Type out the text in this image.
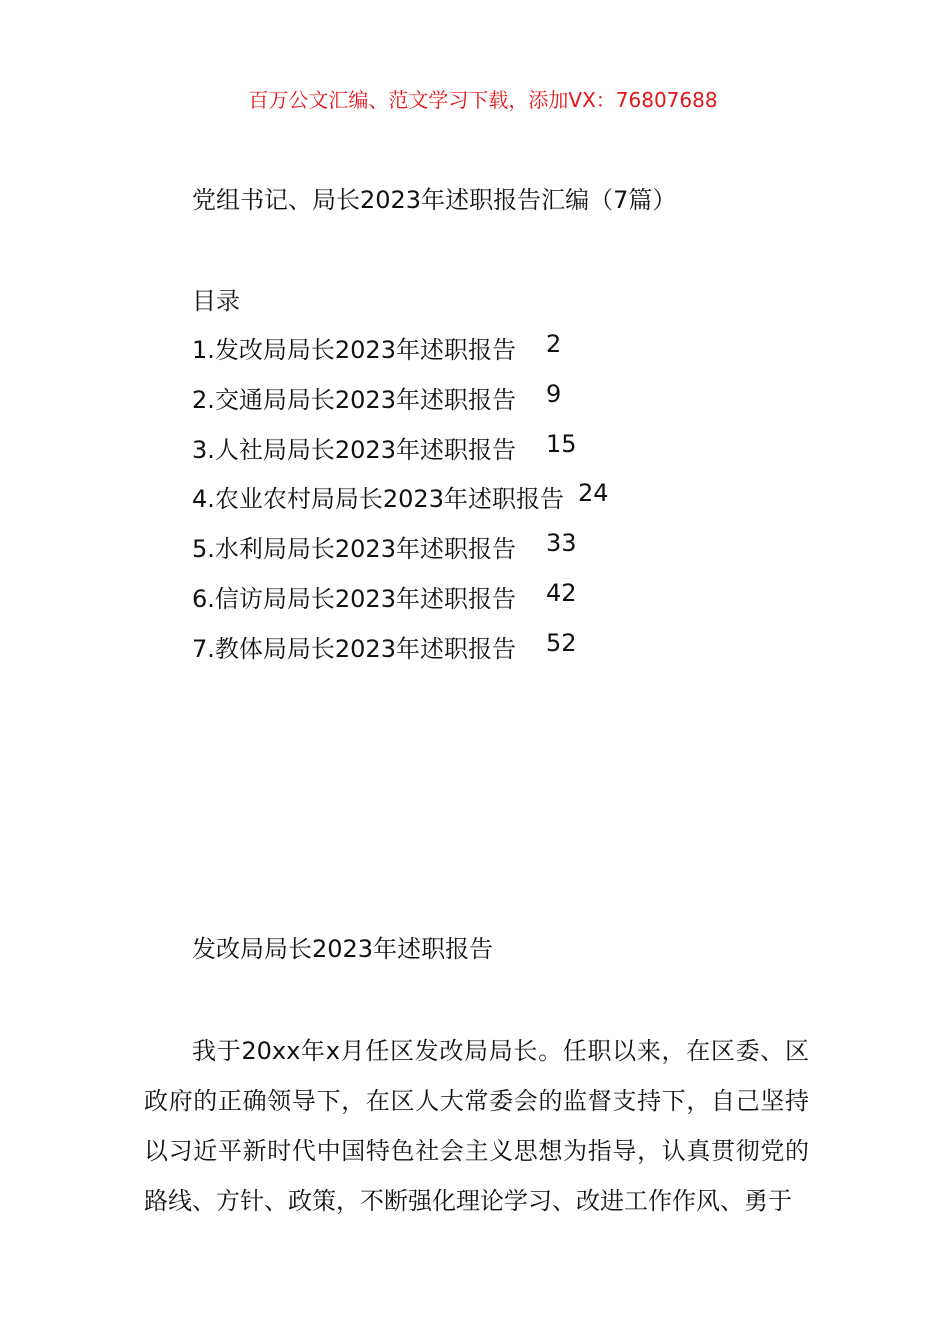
百万公文汇编、范文学习下载，添加VX：76807688
党组书记、局长2023年述职报告汇编（7篇）
目录
1.发改局局长2023年述职报告	2
2.交通局局长2023年述职报告	9
3.人社局局长2023年述职报告	15
4.农业农村局局长2023年述职报告 24
5.水利局局长2023年述职报告	33
6.信访局局长2023年述职报告	42
7.教体局局长2023年述职报告	52
发改局局长2023年述职报告

我于20xx年x月任区发改局局长。任职以来，在区委、区政府的正确领导下，在区人大常委会的监督支持下，自己坚持以习近平新时代中国特色社会主义思想为指导，认真贯彻党的路线、方针、政策，不断强化理论学习、改进工作作风、勇于
